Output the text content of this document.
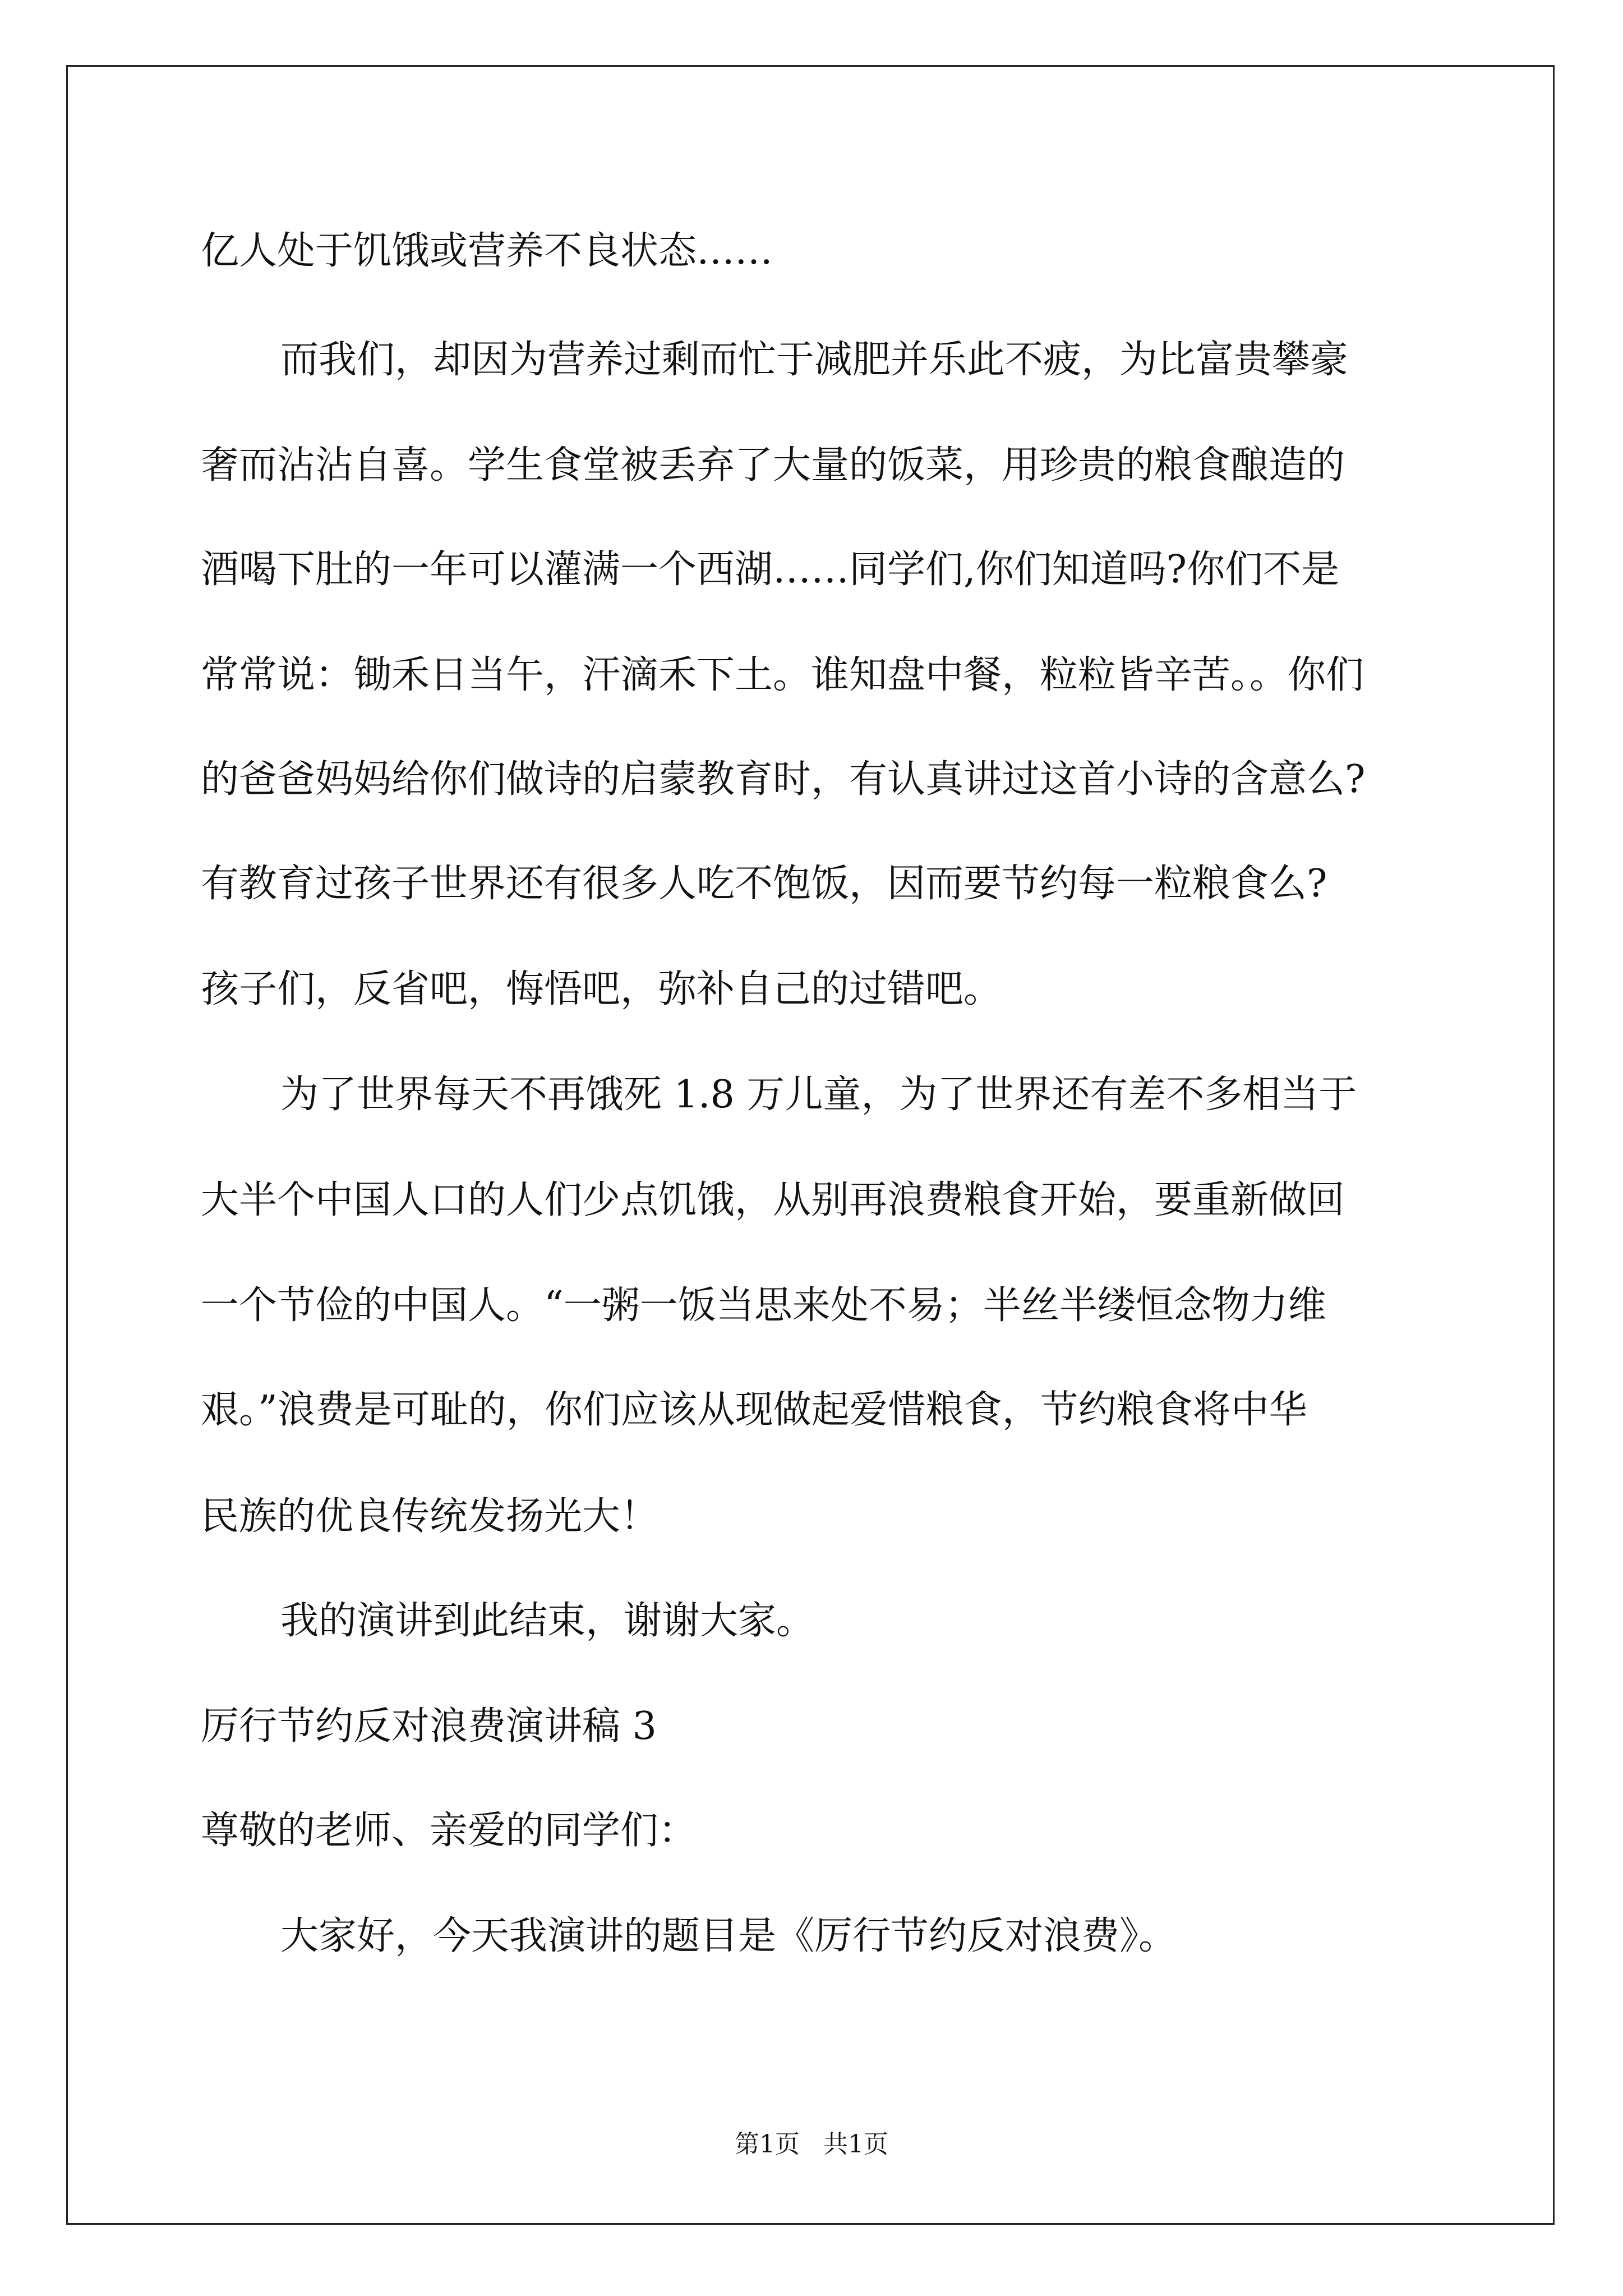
亿人处于饥饿或营养不良状态……
而我们，却因为营养过剩而忙于减肥并乐此不疲，为比富贵攀豪
奢而沾沾自喜。学生食堂被丢弃了大量的饭菜，用珍贵的粮食酿造的
酒喝下肚的一年可以灌满一个西湖……同学们,你们知道吗?你们不是
常常说：锄禾日当午，汗滴禾下土。谁知盘中餐，粒粒皆辛苦。。你们
的爸爸妈妈给你们做诗的启蒙教育时，有认真讲过这首小诗的含意么?
有教育过孩子世界还有很多人吃不饱饭，因而要节约每一粒粮食么?
孩子们，反省吧，悔悟吧，弥补自己的过错吧。
为了世界每天不再饿死 1.8 万儿童，为了世界还有差不多相当于
大半个中国人口的人们少点饥饿，从别再浪费粮食开始，要重新做回
一个节俭的中国人。“一粥一饭当思来处不易；半丝半缕恒念物力维
艰。”浪费是可耻的，你们应该从现做起爱惜粮食，节约粮食将中华
民族的优良传统发扬光大！
我的演讲到此结束，谢谢大家。
厉行节约反对浪费演讲稿 3
尊敬的老师、亲爱的同学们：
大家好，今天我演讲的题目是《厉行节约反对浪费》。
第1页   共1页
